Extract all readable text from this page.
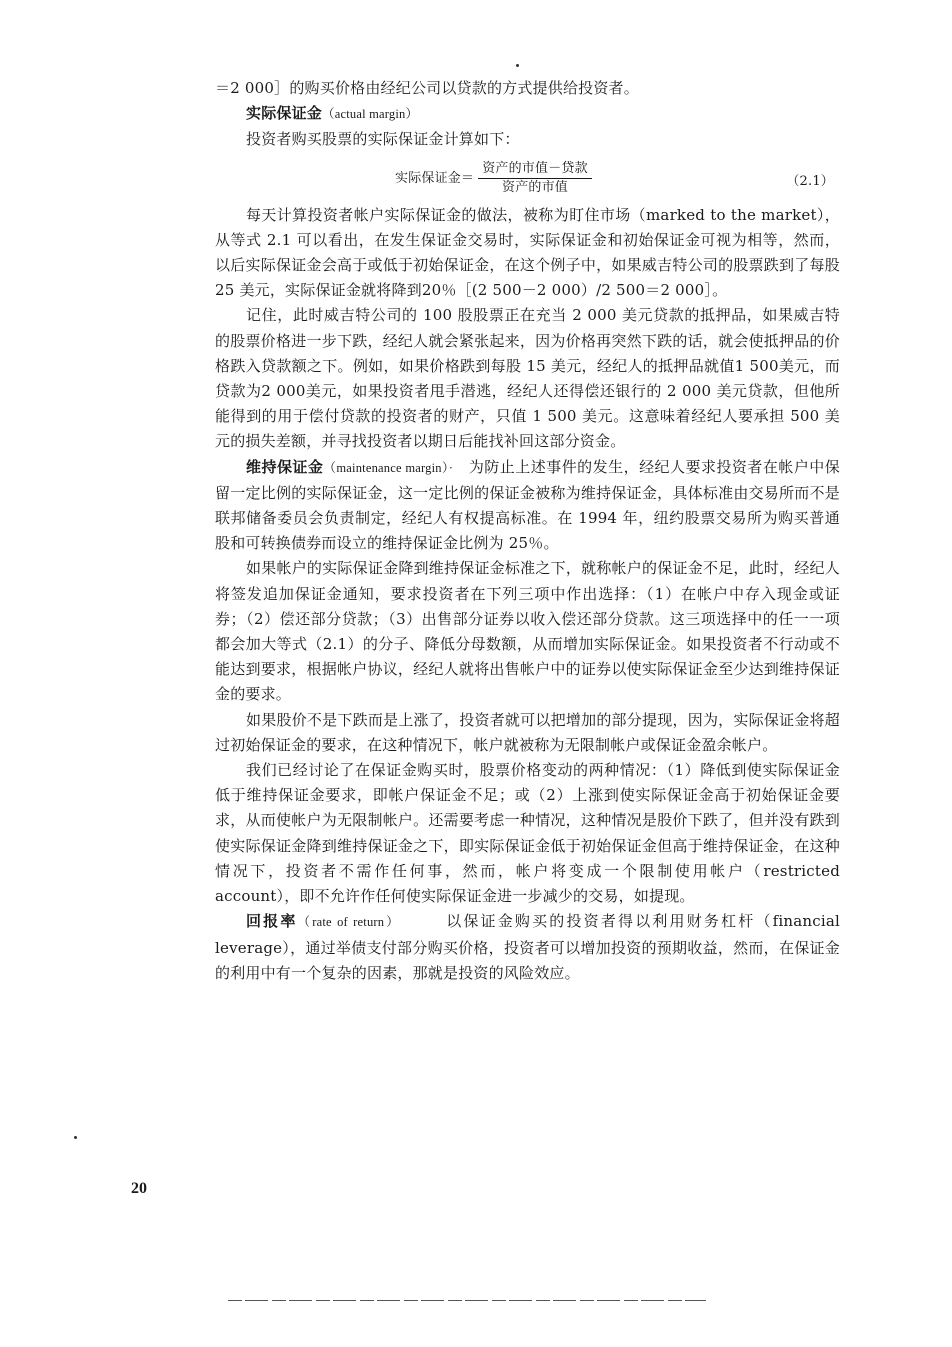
＝2 000］的购买价格由经纪公司以贷款的方式提供给投资者。

实际保证金（actual margin）

投资者购买股票的实际保证金计算如下：

实际保证金＝ $\frac{\text{资产的市值－贷款}}{\text{资产的市值}}$	（2.1）

每天计算投资者帐户实际保证金的做法，被称为盯住市场（marked to the market），从等式 2.1 可以看出，在发生保证金交易时，实际保证金和初始保证金可视为相等，然而，以后实际保证金会高于或低于初始保证金，在这个例子中，如果威吉特公司的股票跌到了每股 25 美元，实际保证金就将降到20％［(2 500－2 000）/2 500＝2 000］。

记住，此时威吉特公司的 100 股股票正在充当 2 000 美元贷款的抵押品，如果威吉特的股票价格进一步下跌，经纪人就会紧张起来，因为价格再突然下跌的话，就会使抵押品的价格跌入贷款额之下。例如，如果价格跌到每股 15 美元，经纪人的抵押品就值1 500美元，而贷款为2 000美元，如果投资者甩手潜逃，经纪人还得偿还银行的 2 000 美元贷款，但他所能得到的用于偿付贷款的投资者的财产，只值 1 500 美元。这意味着经纪人要承担 500 美元的损失差额，并寻找投资者以期日后能找补回这部分资金。

维持保证金（maintenance margin）·　为防止上述事件的发生，经纪人要求投资者在帐户中保留一定比例的实际保证金，这一定比例的保证金被称为维持保证金，具体标准由交易所而不是联邦储备委员会负责制定，经纪人有权提高标准。在 1994 年，纽约股票交易所为购买普通股和可转换债券而设立的维持保证金比例为 25％。

如果帐户的实际保证金降到维持保证金标准之下，就称帐户的保证金不足，此时，经纪人将签发追加保证金通知，要求投资者在下列三项中作出选择：（1）在帐户中存入现金或证券；（2）偿还部分贷款；（3）出售部分证券以收入偿还部分贷款。这三项选择中的任一一项都会加大等式（2.1）的分子、降低分母数额，从而增加实际保证金。如果投资者不行动或不能达到要求，根据帐户协议，经纪人就将出售帐户中的证券以使实际保证金至少达到维持保证金的要求。

如果股价不是下跌而是上涨了，投资者就可以把增加的部分提现，因为，实际保证金将超过初始保证金的要求，在这种情况下，帐户就被称为无限制帐户或保证金盈余帐户。

我们已经讨论了在保证金购买时，股票价格变动的两种情况：（1）降低到使实际保证金低于维持保证金要求，即帐户保证金不足；或（2）上涨到使实际保证金高于初始保证金要求，从而使帐户为无限制帐户。还需要考虑一种情况，这种情况是股价下跌了，但并没有跌到使实际保证金降到维持保证金之下，即实际保证金低于初始保证金但高于维持保证金，在这种情况下，投资者不需作任何事，然而，帐户将变成一个限制使用帐户（restricted account），即不允许作任何使实际保证金进一步减少的交易，如提现。

回报率（rate of return）　　　以保证金购买的投资者得以利用财务杠杆（financial leverage），通过举债支付部分购买价格，投资者可以增加投资的预期收益，然而，在保证金的利用中有一个复杂的因素，那就是投资的风险效应。

20
